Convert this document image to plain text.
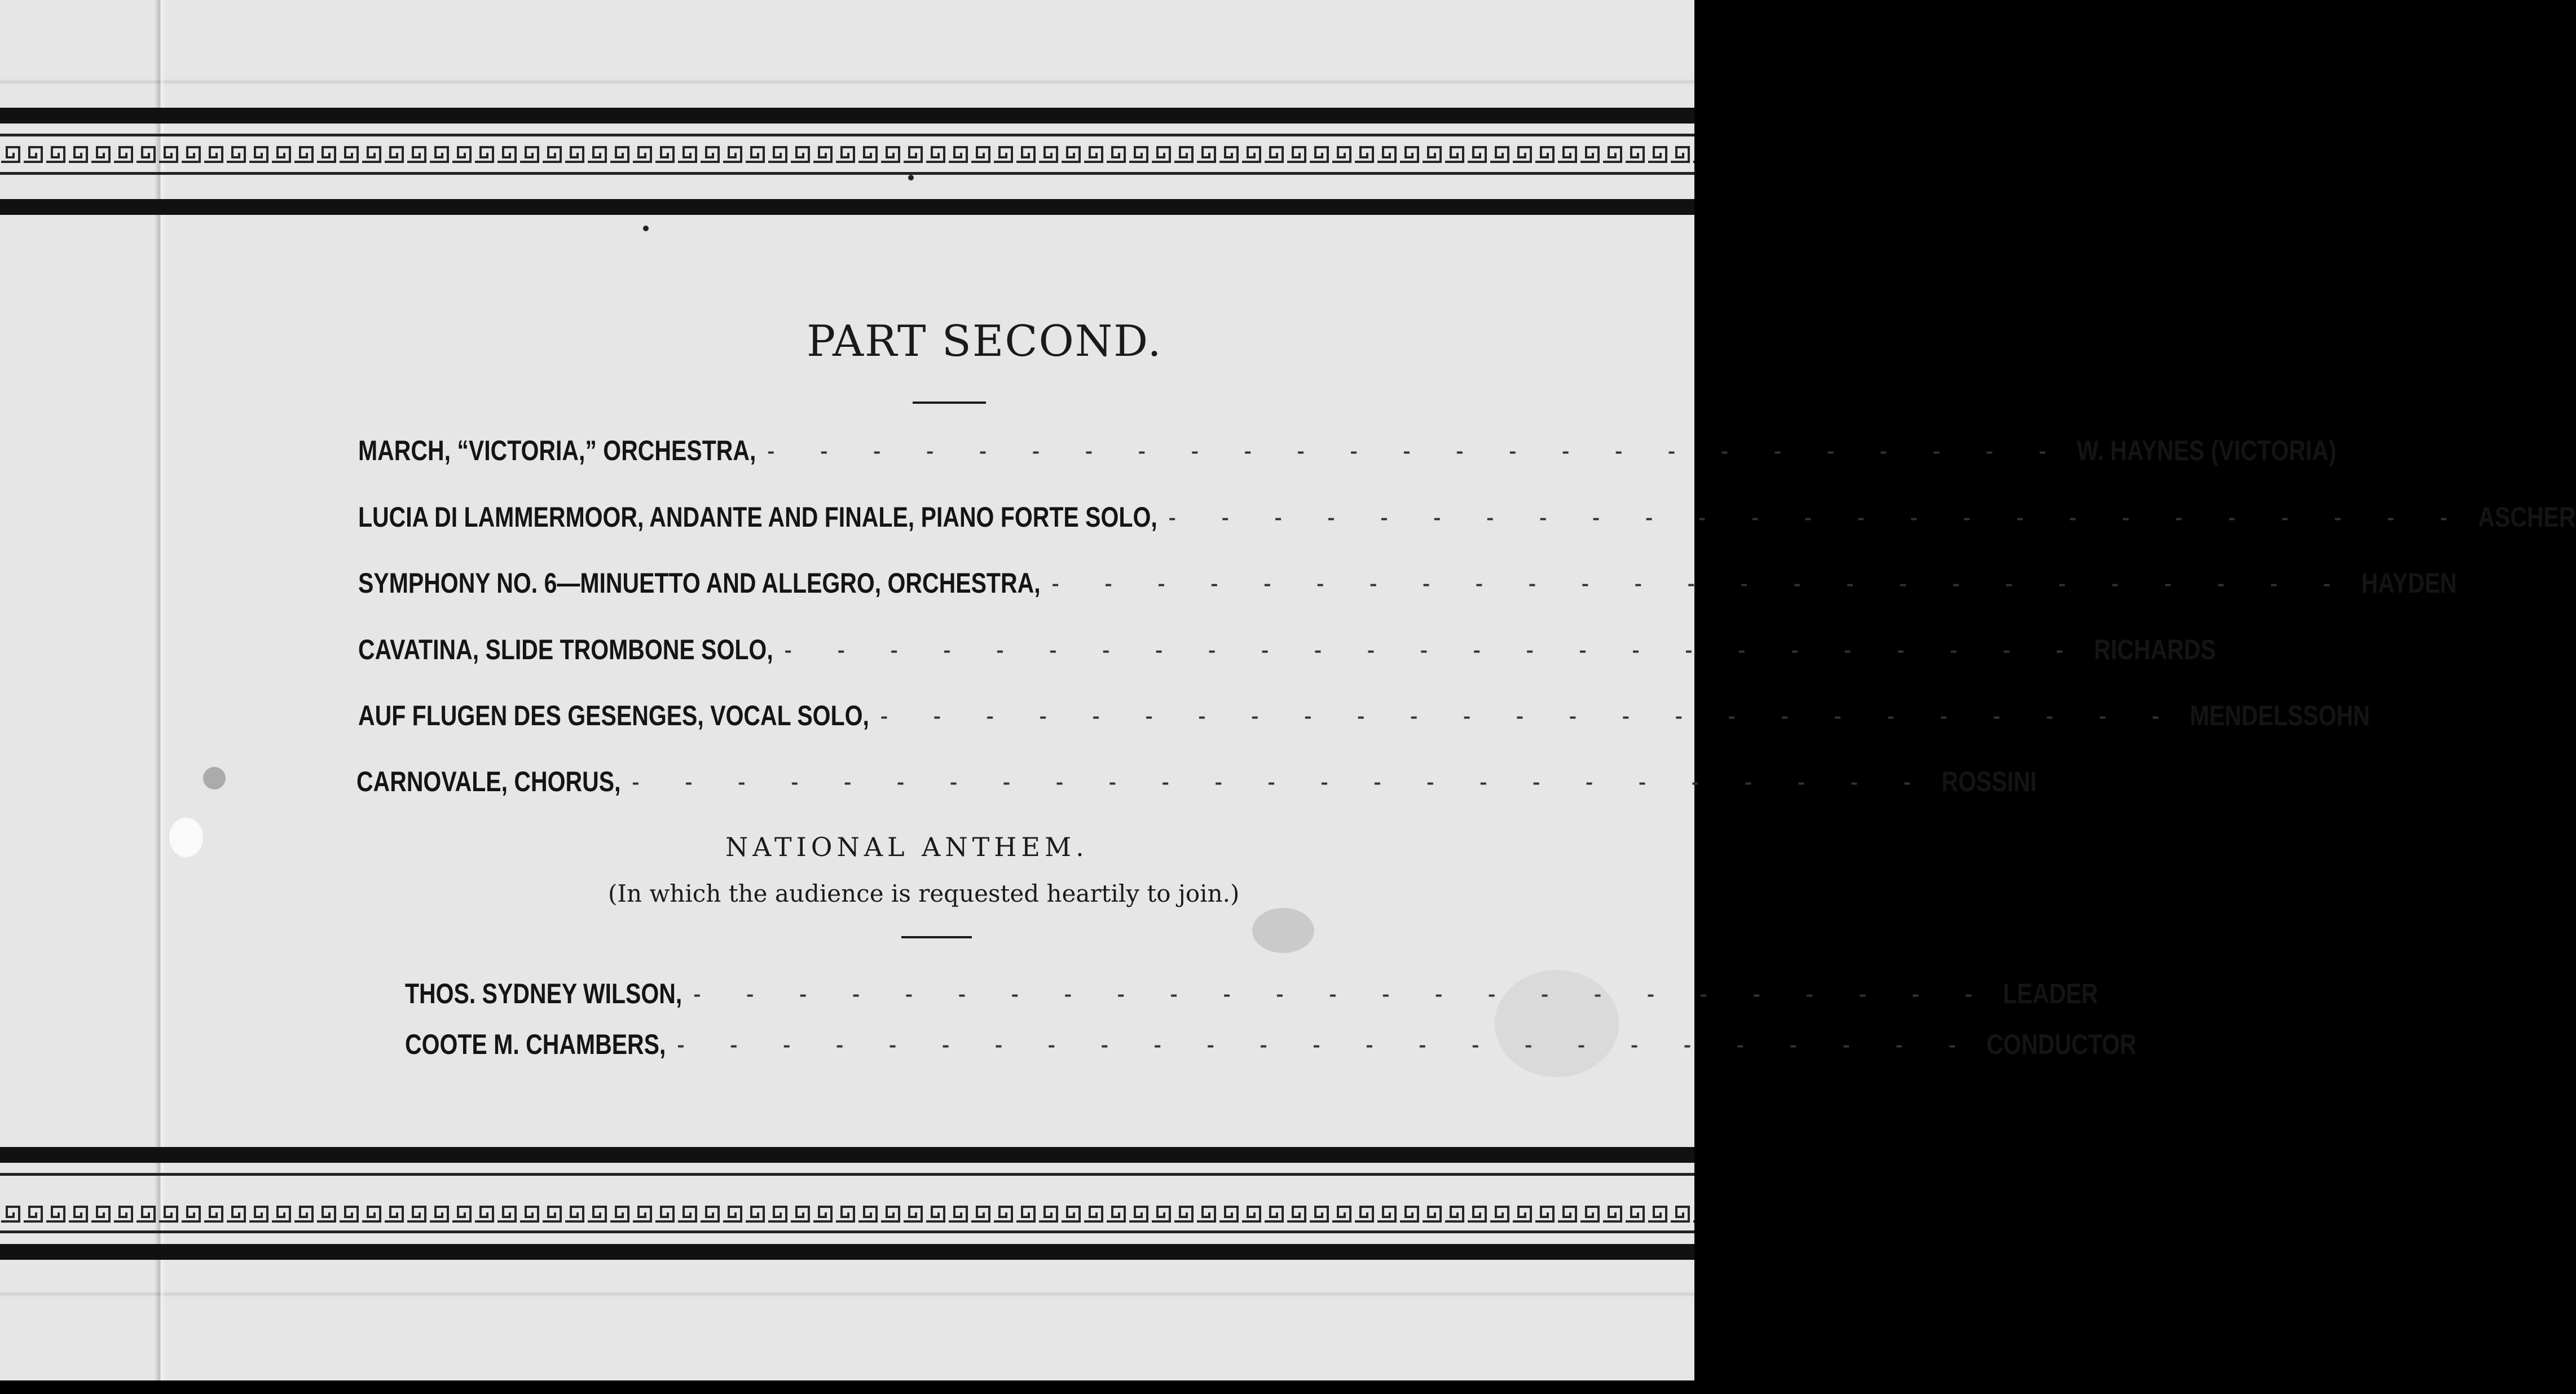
PART SECOND.
MARCH, “VICTORIA,” ORCHESTRA, - - - - - - - - - - - - - - - - - - - - - - - - - W. HAYNES (VICTORIA)
LUCIA DI LAMMERMOOR, ANDANTE AND FINALE, PIANO FORTE SOLO, - - - - - - - - - - - - - - - - - - - - - - - - - ASCHER
SYMPHONY NO. 6—MINUETTO AND ALLEGRO, ORCHESTRA, - - - - - - - - - - - - - - - - - - - - - - - - - HAYDEN
CAVATINA, SLIDE TROMBONE SOLO, - - - - - - - - - - - - - - - - - - - - - - - - - RICHARDS
AUF FLUGEN DES GESENGES, VOCAL SOLO, - - - - - - - - - - - - - - - - - - - - - - - - - MENDELSSOHN
CARNOVALE, CHORUS, - - - - - - - - - - - - - - - - - - - - - - - - - ROSSINI
NATIONAL ANTHEM.
(In which the audience is requested heartily to join.)
THOS. SYDNEY WILSON, - - - - - - - - - - - - - - - - - - - - - - - - - LEADER
COOTE M. CHAMBERS, - - - - - - - - - - - - - - - - - - - - - - - - - CONDUCTOR
